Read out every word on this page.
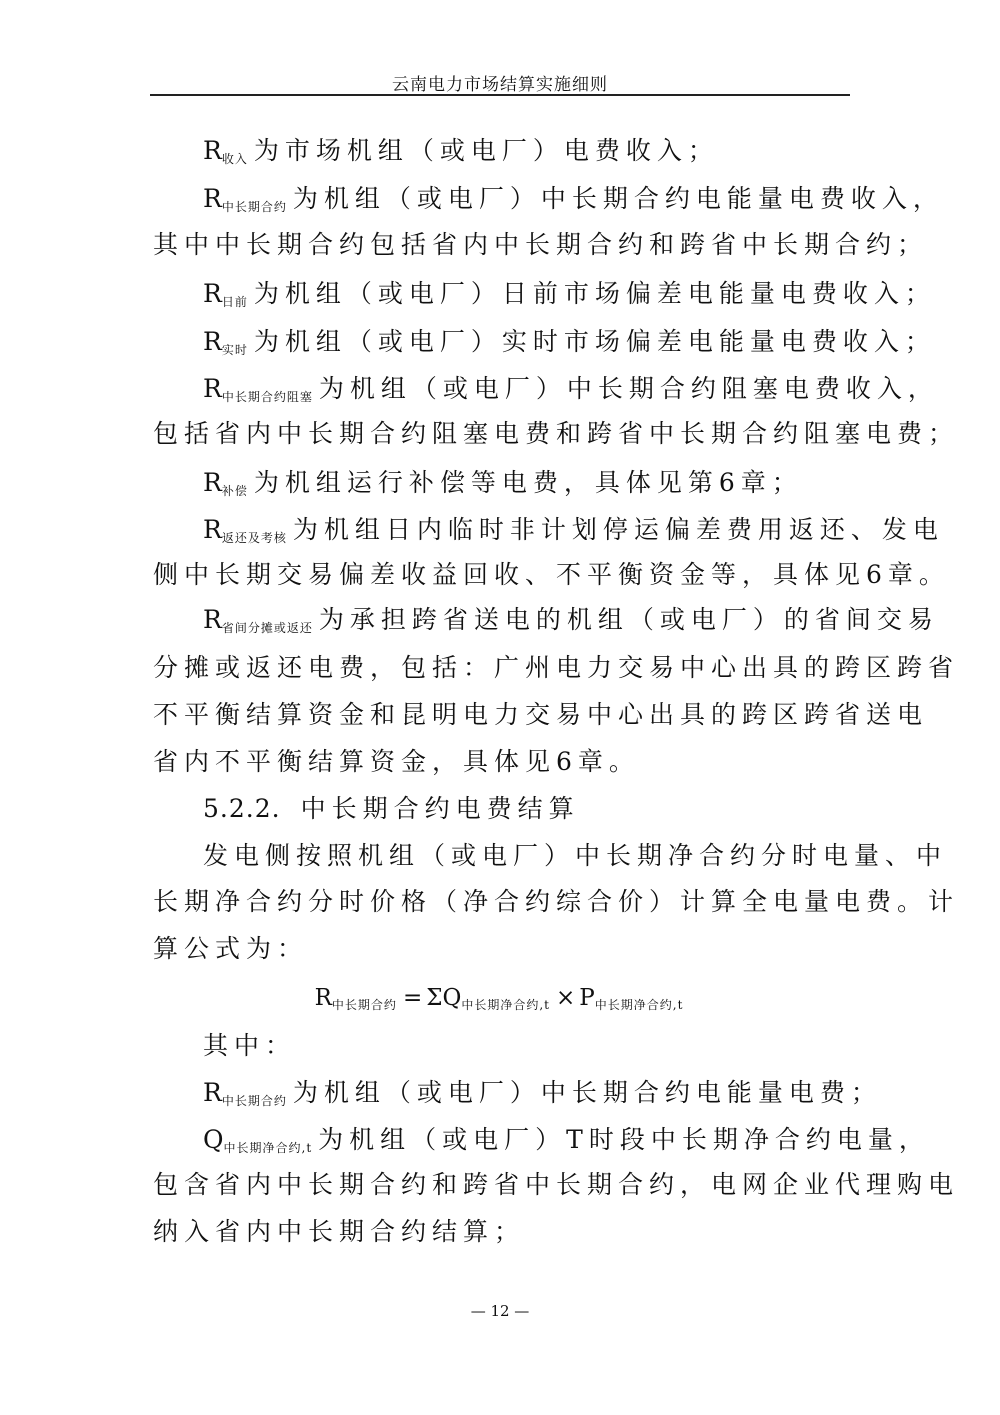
云南电力市场结算实施细则
$R_{收入}$ 为市场机组（或电厂）电费收入；
$R_{中长期合约}$ 为机组（或电厂）中长期合约电能量电费收入，
其中中长期合约包括省内中长期合约和跨省中长期合约；
$R_{日前}$ 为机组（或电厂）日前市场偏差电能量电费收入；
$R_{实时}$ 为机组（或电厂）实时市场偏差电能量电费收入；
$R_{中长期合约阻塞}$ 为机组（或电厂）中长期合约阻塞电费收入，
包括省内中长期合约阻塞电费和跨省中长期合约阻塞电费；
$R_{补偿}$ 为机组运行补偿等电费，具体见第6章；
$R_{返还及考核}$ 为机组日内临时非计划停运偏差费用返还、发电
侧中长期交易偏差收益回收、不平衡资金等，具体见6章。
$R_{省间分摊或返还}$ 为承担跨省送电的机组（或电厂）的省间交易
分摊或返还电费，包括：广州电力交易中心出具的跨区跨省
不平衡结算资金和昆明电力交易中心出具的跨区跨省送电
省内不平衡结算资金，具体见6章。
5.2.2. 中长期合约电费结算
发电侧按照机组（或电厂）中长期净合约分时电量、中
长期净合约分时价格（净合约综合价）计算全电量电费。计
算公式为：
$R_{中长期合约} = \Sigma Q_{中长期净合约,t} \times P_{中长期净合约,t}$
其中：
$R_{中长期合约}$ 为机组（或电厂）中长期合约电能量电费；
$Q_{中长期净合约,t}$ 为机组（或电厂）T时段中长期净合约电量，
包含省内中长期合约和跨省中长期合约，电网企业代理购电
纳入省内中长期合约结算；
— 12 —
